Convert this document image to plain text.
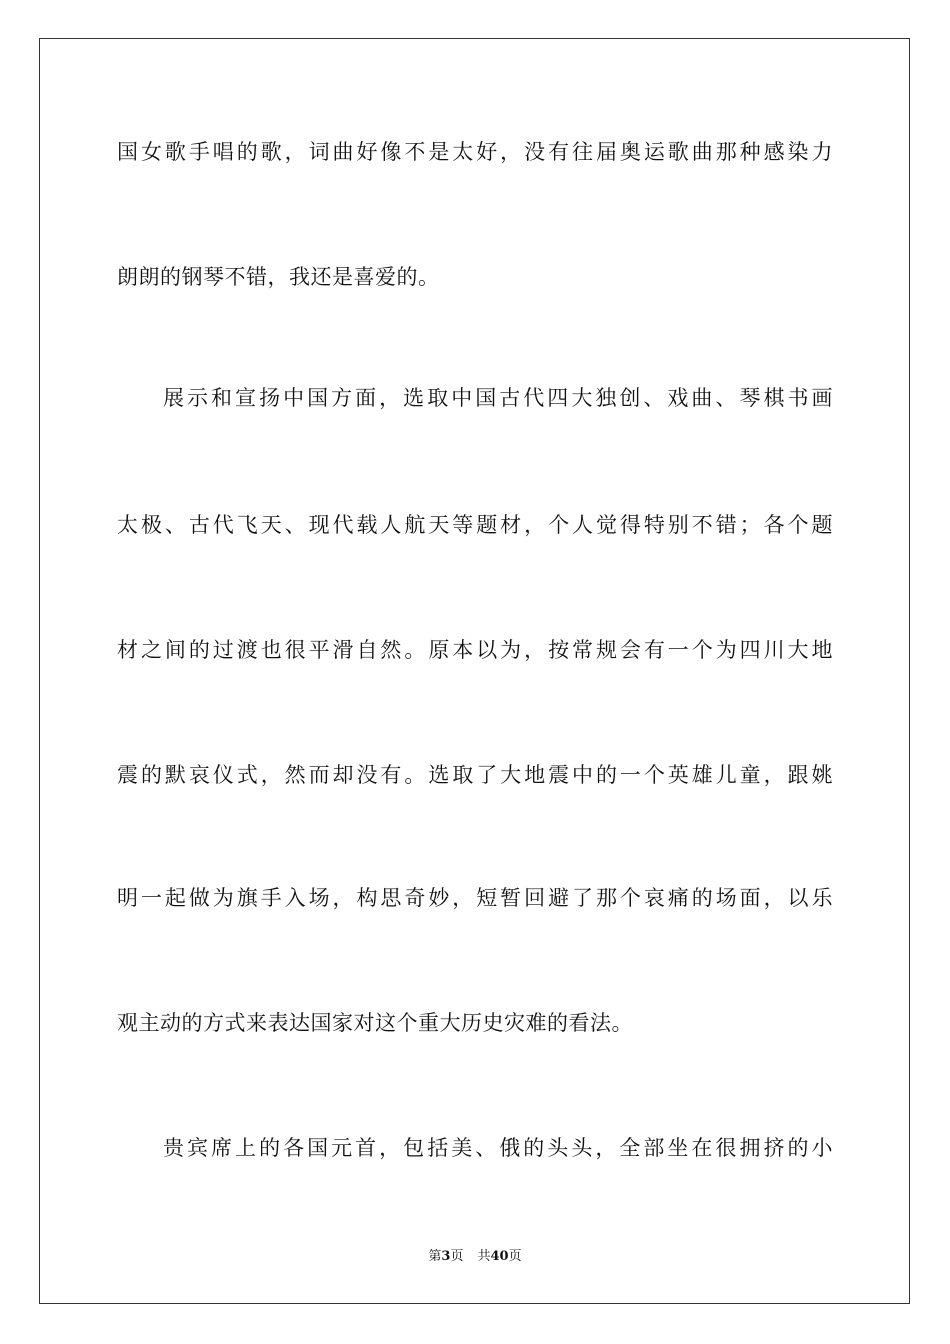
国女歌手唱的歌，词曲好像不是太好，没有往届奥运歌曲那种感染力
朗朗的钢琴不错，我还是喜爱的。
展示和宣扬中国方面，选取中国古代四大独创、戏曲、琴棋书画
太极、古代飞天、现代载人航天等题材，个人觉得特别不错；各个题
材之间的过渡也很平滑自然。原本以为，按常规会有一个为四川大地
震的默哀仪式，然而却没有。选取了大地震中的一个英雄儿童，跟姚
明一起做为旗手入场，构思奇妙，短暂回避了那个哀痛的场面，以乐
观主动的方式来表达国家对这个重大历史灾难的看法。
贵宾席上的各国元首，包括美、俄的头头，全部坐在很拥挤的小
第3页 共40页
